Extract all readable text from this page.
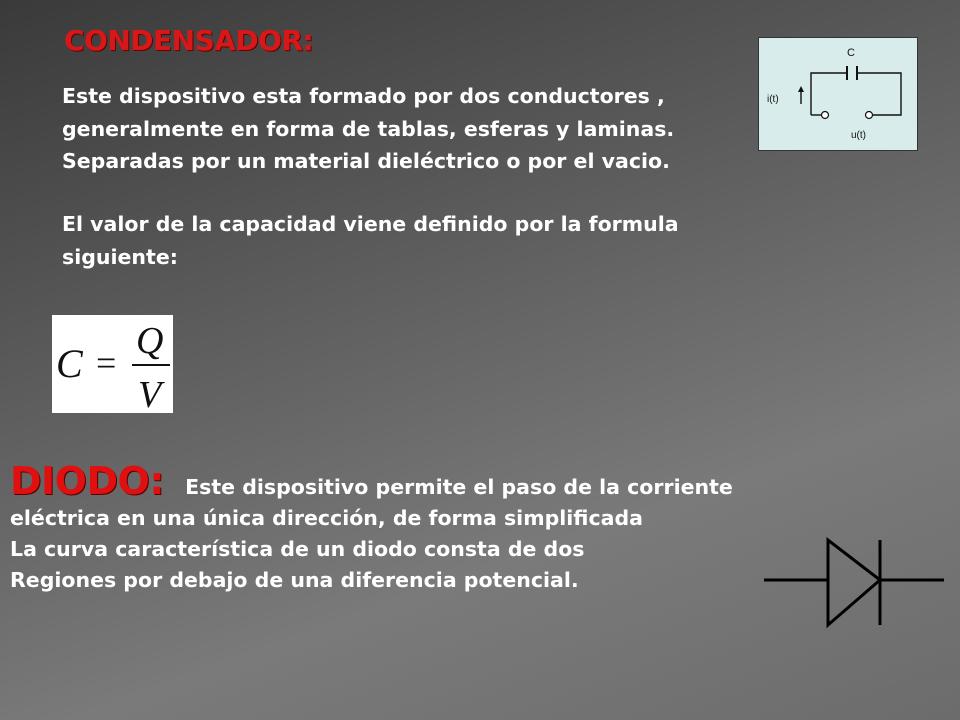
CONDENSADOR:

Este dispositivo esta formado por dos conductores , generalmente en forma de tablas, esferas y laminas. Separadas por un material dieléctrico o por el vacio.

El valor de la capacidad viene definido por la formula siguiente:

C
i(t)
u(t)
C =
Q
V
DIODO: Este dispositivo permite el paso de la corriente
eléctrica en una única dirección, de forma simplificada
La curva característica de un diodo consta de dos
Regiones por debajo de una diferencia potencial.
